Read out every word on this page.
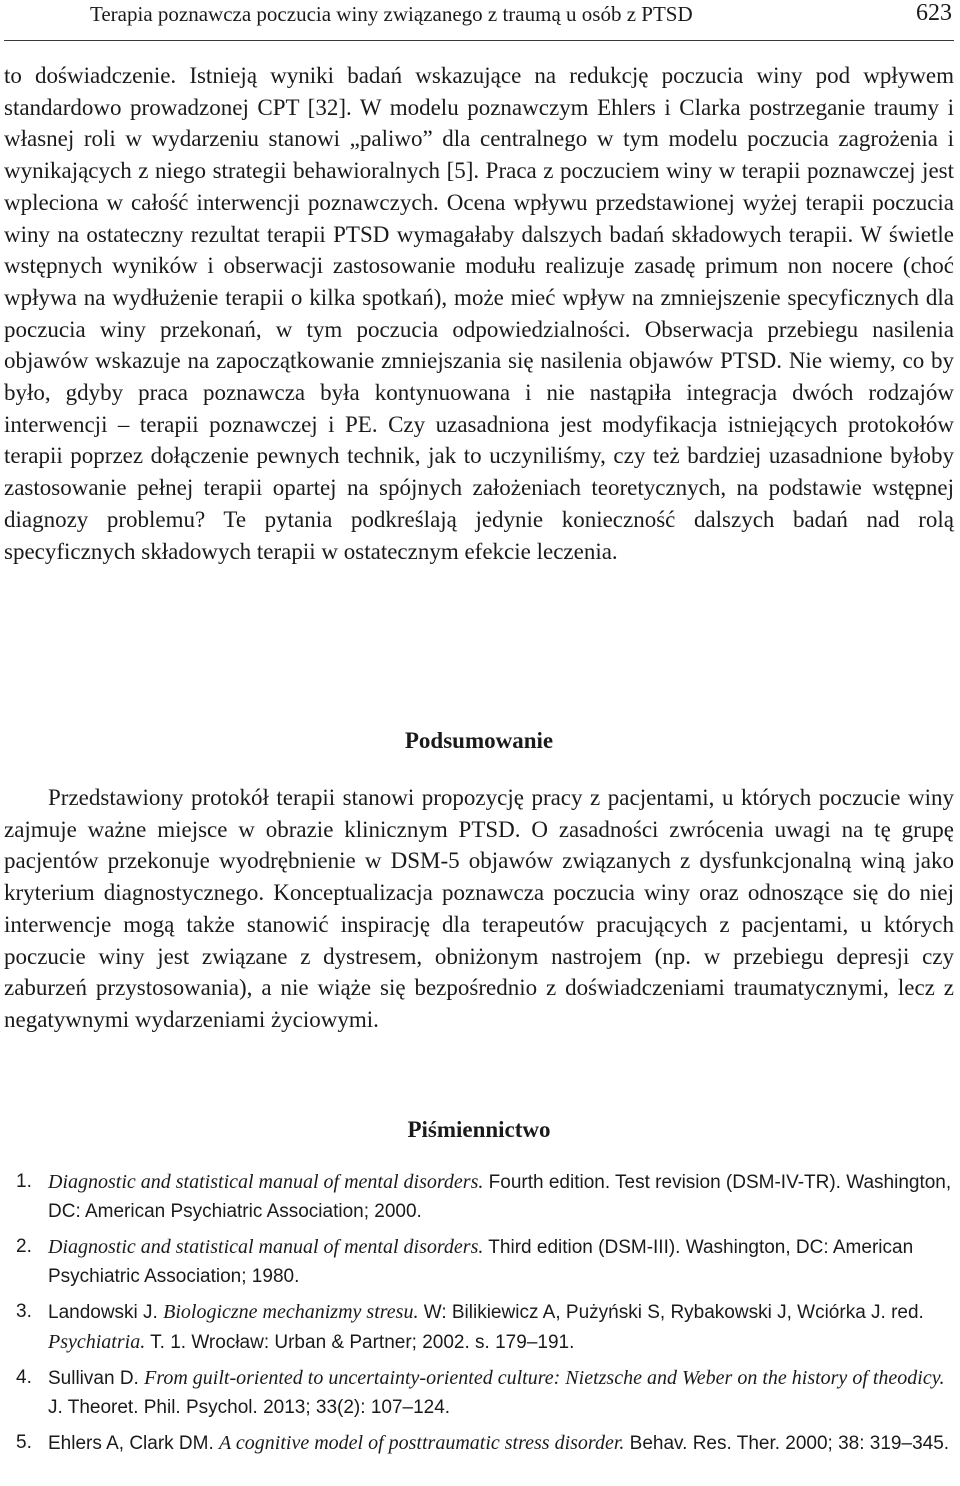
Terapia poznawcza poczucia winy związanego z traumą u osób z PTSD	623

to doświadczenie. Istnieją wyniki badań wskazujące na redukcję poczucia winy pod wpływem standardowo prowadzonej CPT [32]. W modelu poznawczym Ehlers i Clarka postrzeganie traumy i własnej roli w wydarzeniu stanowi „paliwo” dla centralnego w tym modelu poczucia zagrożenia i wynikających z niego strategii behawioralnych [5]. Praca z poczuciem winy w terapii poznawczej jest wpleciona w całość interwencji poznawczych. Ocena wpływu przedstawionej wyżej terapii poczucia winy na ostateczny rezultat terapii PTSD wymagałaby dalszych badań składowych terapii. W świetle wstępnych wyników i obserwacji zastosowanie modułu realizuje zasadę primum non nocere (choć wpływa na wydłużenie terapii o kilka spotkań), może mieć wpływ na zmniejszenie specyficznych dla poczucia winy przekonań, w tym poczucia odpowiedzialności. Obserwacja przebiegu nasilenia objawów wskazuje na zapoczątkowanie zmniejszania się nasilenia objawów PTSD. Nie wiemy, co by było, gdyby praca poznawcza była kontynuowana i nie nastąpiła integracja dwóch rodzajów interwencji – terapii poznawczej i PE. Czy uzasadniona jest modyfikacja istniejących protokołów terapii poprzez dołączenie pewnych technik, jak to uczyniliśmy, czy też bardziej uzasadnione byłoby zastosowanie pełnej terapii opartej na spójnych założeniach teoretycznych, na podstawie wstępnej diagnozy problemu? Te pytania podkreślają jedynie konieczność dalszych badań nad rolą specyficznych składowych terapii w ostatecznym efekcie leczenia.

Podsumowanie

Przedstawiony protokół terapii stanowi propozycję pracy z pacjentami, u których poczucie winy zajmuje ważne miejsce w obrazie klinicznym PTSD. O zasadności zwrócenia uwagi na tę grupę pacjentów przekonuje wyodrębnienie w DSM-5 objawów związanych z dysfunkcjonalną winą jako kryterium diagnostycznego. Konceptualizacja poznawcza poczucia winy oraz odnoszące się do niej interwencje mogą także stanowić inspirację dla terapeutów pracujących z pacjentami, u których poczucie winy jest związane z dystresem, obniżonym nastrojem (np. w przebiegu depresji czy zaburzeń przystosowania), a nie wiąże się bezpośrednio z doświadczeniami traumatycznymi, lecz z negatywnymi wydarzeniami życiowymi.

Piśmiennictwo
1. Diagnostic and statistical manual of mental disorders. Fourth edition. Test revision (DSM-IV-TR). Washington, DC: American Psychiatric Association; 2000.
2. Diagnostic and statistical manual of mental disorders. Third edition (DSM-III). Washington, DC: American Psychiatric Association; 1980.
3. Landowski J. Biologiczne mechanizmy stresu. W: Bilikiewicz A, Pużyński S, Rybakowski J, Wciórka J. red. Psychiatria. T. 1. Wrocław: Urban & Partner; 2002. s. 179–191.
4. Sullivan D. From guilt-oriented to uncertainty-oriented culture: Nietzsche and Weber on the history of theodicy. J. Theoret. Phil. Psychol. 2013; 33(2): 107–124.
5. Ehlers A, Clark DM. A cognitive model of posttraumatic stress disorder. Behav. Res. Ther. 2000; 38: 319–345.
